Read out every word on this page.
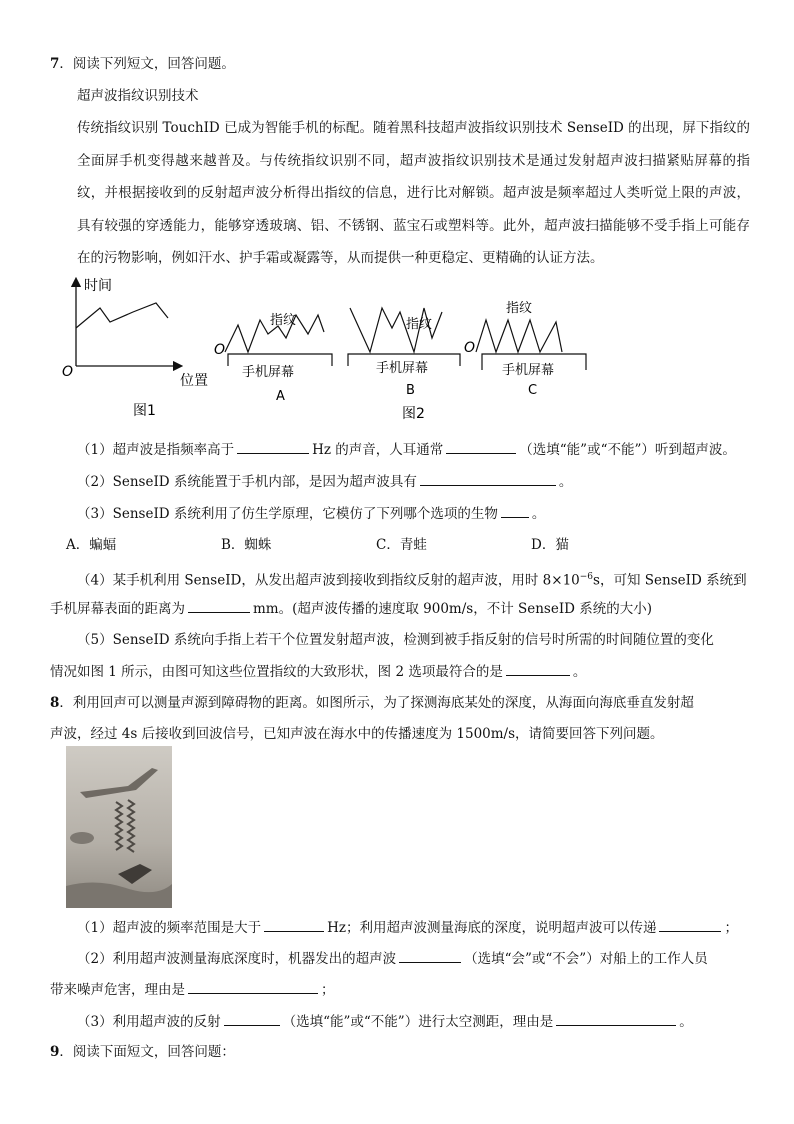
7．阅读下列短文，回答问题。
超声波指纹识别技术
传统指纹识别 TouchID 已成为智能手机的标配。随着黑科技超声波指纹识别技术 SenseID 的出现，屏下指纹的全面屏手机变得越来越普及。与传统指纹识别不同，超声波指纹识别技术是通过发射超声波扫描紧贴屏幕的指纹，并根据接收到的反射超声波分析得出指纹的信息，进行比对解锁。超声波是频率超过人类听觉上限的声波，具有较强的穿透能力，能够穿透玻璃、铝、不锈钢、蓝宝石或塑料等。此外，超声波扫描能够不受手指上可能存在的污物影响，例如汗水、护手霜或凝露等，从而提供一种更稳定、更精确的认证方法。
时间
O
位置
图1
指纹
手机屏幕
O
A
指纹
手机屏幕
B
指纹
O
手机屏幕
C
图2
（1）超声波是指频率高于	Hz 的声音，人耳通常	（选填“能”或“不能”）听到超声波。
（2）SenseID 系统能置于手机内部，是因为超声波具有	。
（3）SenseID 系统利用了仿生学原理，它模仿了下列哪个选项的生物	。
A．蝙蝠	B．蜘蛛	C．青蛙	D．猫
（4）某手机利用 SenseID，从发出超声波到接收到指纹反射的超声波，用时 $8\times 10^{-6}s$，可知 SenseID 系统到
手机屏幕表面的距离为	mm。(超声波传播的速度取 900m/s，不计 SenseID 系统的大小)
（5）SenseID 系统向手指上若干个位置发射超声波，检测到被手指反射的信号时所需的时间随位置的变化
情况如图 1 所示，由图可知这些位置指纹的大致形状，图 2 选项最符合的是	。
8．利用回声可以测量声源到障碍物的距离。如图所示，为了探测海底某处的深度，从海面向海底垂直发射超
声波，经过 4s 后接收到回波信号，已知声波在海水中的传播速度为 1500m/s，请简要回答下列问题。
（1）超声波的频率范围是大于	Hz；利用超声波测量海底的深度，说明超声波可以传递	；
（2）利用超声波测量海底深度时，机器发出的超声波	（选填“会”或“不会”）对船上的工作人员
带来噪声危害，理由是	；
（3）利用超声波的反射	（选填“能”或“不能”）进行太空测距，理由是	。
9．阅读下面短文，回答问题：
